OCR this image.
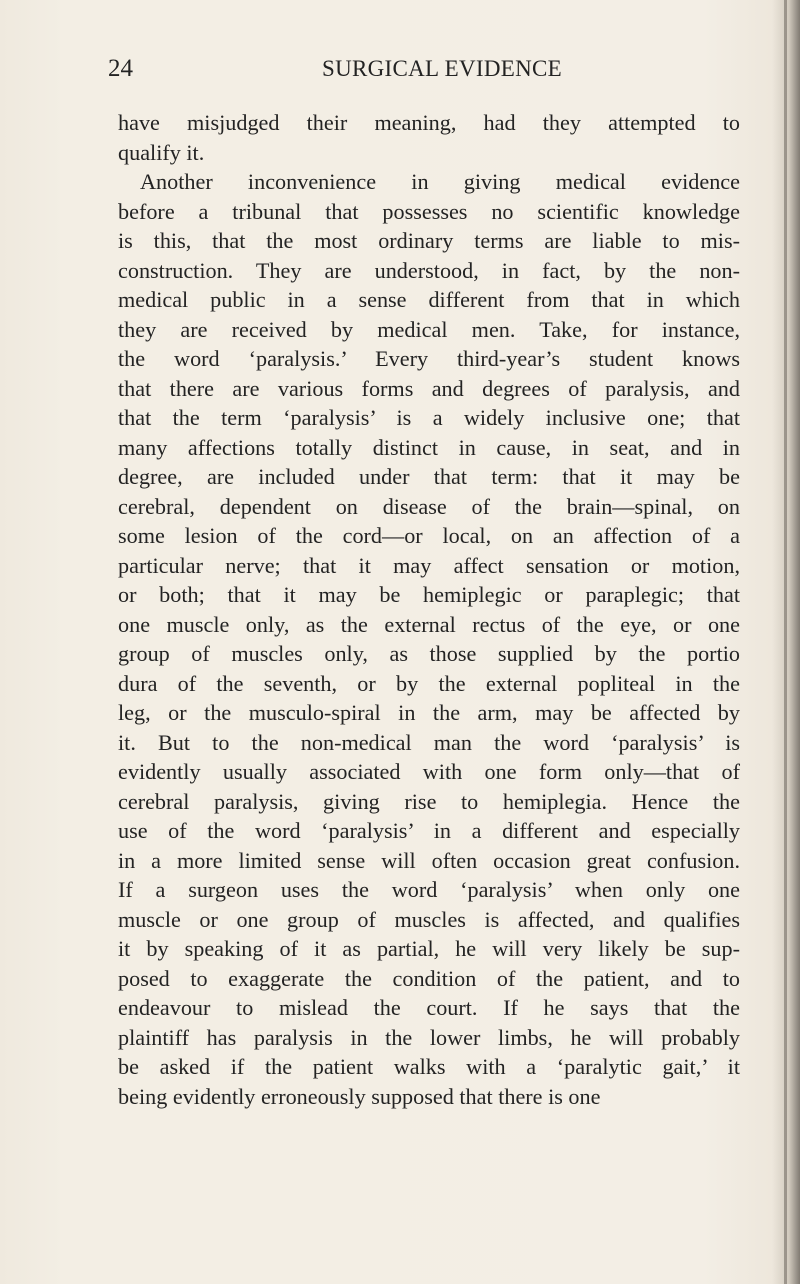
24	SURGICAL EVIDENCE
have misjudged their meaning, had they attempted to
qualify it.
Another inconvenience in giving medical evidence
before a tribunal that possesses no scientific knowledge
is this, that the most ordinary terms are liable to mis-
construction. They are understood, in fact, by the non-
medical public in a sense different from that in which
they are received by medical men. Take, for instance,
the word ‘paralysis.’ Every third-year’s student knows
that there are various forms and degrees of paralysis, and
that the term ‘paralysis’ is a widely inclusive one; that
many affections totally distinct in cause, in seat, and in
degree, are included under that term: that it may be
cerebral, dependent on disease of the brain—spinal, on
some lesion of the cord—or local, on an affection of a
particular nerve; that it may affect sensation or motion,
or both; that it may be hemiplegic or paraplegic; that
one muscle only, as the external rectus of the eye, or one
group of muscles only, as those supplied by the portio
dura of the seventh, or by the external popliteal in the
leg, or the musculo-spiral in the arm, may be affected by
it. But to the non-medical man the word ‘paralysis’ is
evidently usually associated with one form only—that of
cerebral paralysis, giving rise to hemiplegia. Hence the
use of the word ‘paralysis’ in a different and especially
in a more limited sense will often occasion great confusion.
If a surgeon uses the word ‘paralysis’ when only one
muscle or one group of muscles is affected, and qualifies
it by speaking of it as partial, he will very likely be sup-
posed to exaggerate the condition of the patient, and to
endeavour to mislead the court. If he says that the
plaintiff has paralysis in the lower limbs, he will probably
be asked if the patient walks with a ‘paralytic gait,’ it
being evidently erroneously supposed that there is one
